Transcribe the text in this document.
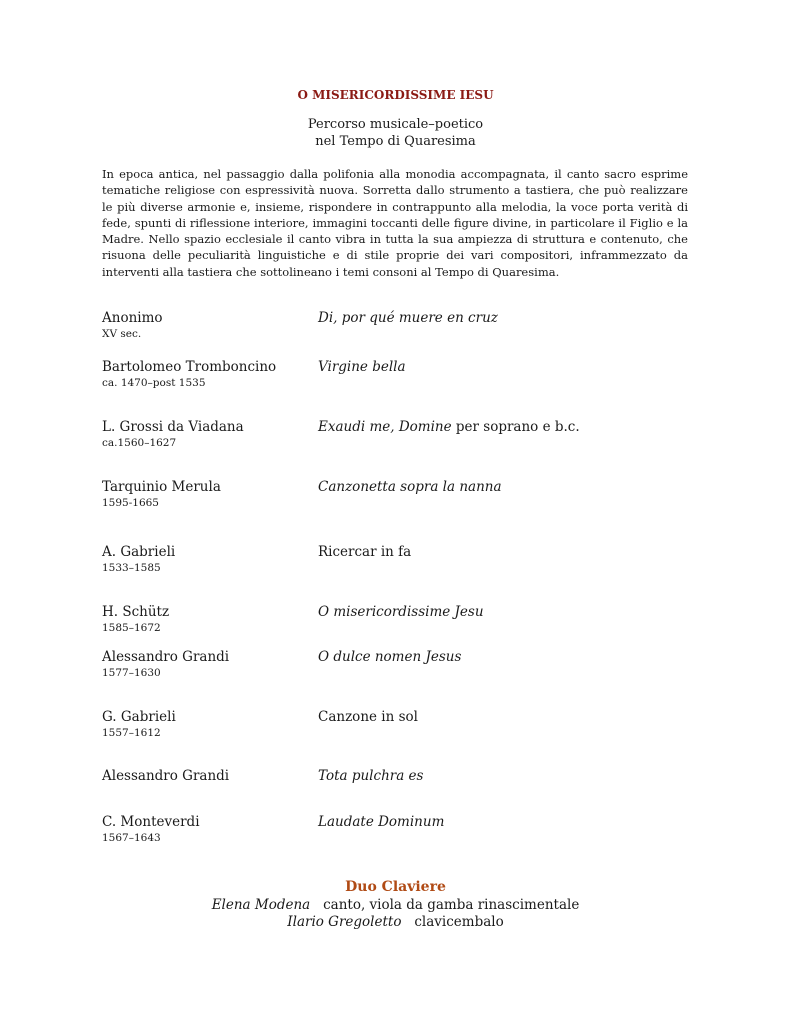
O MISERICORDISSIME IESU
Percorso musicale–poetico
nel Tempo di Quaresima

In epoca antica, nel passaggio dalla polifonia alla monodia accompagnata, il canto sacro esprime tematiche religiose con espressività nuova. Sorretta dallo strumento a tastiera, che può realizzare le più diverse armonie e, insieme, rispondere in contrappunto alla melodia, la voce porta verità di fede, spunti di riflessione interiore, immagini toccanti delle figure divine, in particolare il Figlio e la Madre. Nello spazio ecclesiale il canto vibra in tutta la sua ampiezza di struttura e contenuto, che risuona delle peculiarità linguistiche e di stile proprie dei vari compositori, inframmezzato da interventi alla tastiera che sottolineano i temi consoni al Tempo di Quaresima.

Anonimo
XV sec.
Di, por qué muere en cruz
Bartolomeo Tromboncino
ca. 1470–post 1535
Virgine bella
L. Grossi da Viadana
ca.1560–1627
Exaudi me, Domine per soprano e b.c.
Tarquinio Merula
1595-1665
Canzonetta sopra la nanna
A. Gabrieli
1533–1585
Ricercar in fa
H. Schütz
1585–1672
O misericordissime Jesu
Alessandro Grandi
1577–1630
O dulce nomen Jesus
G. Gabrieli
1557–1612
Canzone in sol
Alessandro Grandi	Tota pulchra es
C. Monteverdi
1567–1643
Laudate Dominum
Duo Claviere
Elena Modena canto, viola da gamba rinascimentale
Ilario Gregoletto clavicembalo
